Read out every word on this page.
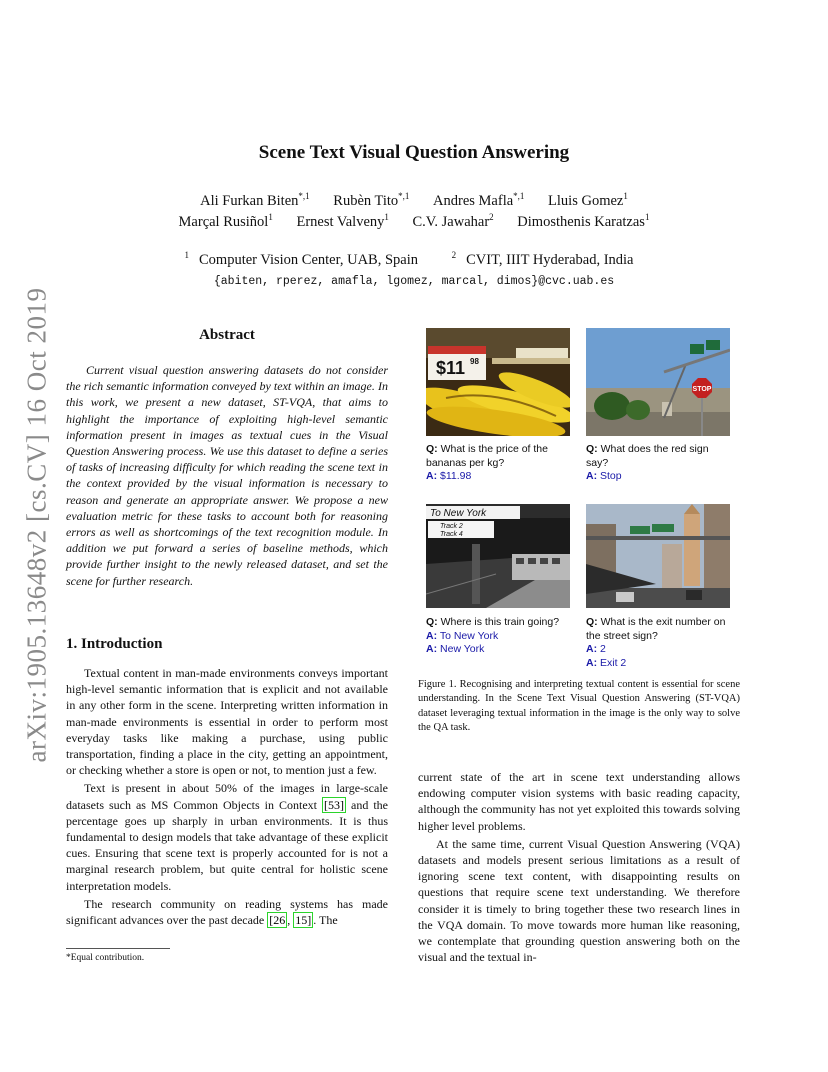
arXiv:1905.13648v2 [cs.CV] 16 Oct 2019
Scene Text Visual Question Answering
Ali Furkan Biten$^{*,1}$ Rubèn Tito$^{*,1}$ Andres Mafla$^{*,1}$ Lluis Gomez$^1$
Marçal Rusiñol$^1$ Ernest Valveny$^1$ C.V. Jawahar$^2$ Dimosthenis Karatzas$^1$
$^1$ Computer Vision Center, UAB, Spain	$^2$ CVIT, IIIT Hyderabad, India
{abiten, rperez, amafla, lgomez, marcal, dimos}@cvc.uab.es
Abstract

Current visual question answering datasets do not consider the rich semantic information conveyed by text within an image. In this work, we present a new dataset, ST-VQA, that aims to highlight the importance of exploiting high-level semantic information present in images as textual cues in the Visual Question Answering process. We use this dataset to define a series of tasks of increasing difficulty for which reading the scene text in the context provided by the visual information is necessary to reason and generate an appropriate answer. We propose a new evaluation metric for these tasks to account both for reasoning errors as well as shortcomings of the text recognition module. In addition we put forward a series of baseline methods, which provide further insight to the newly released dataset, and set the scene for further research.

1. Introduction

Textual content in man-made environments conveys important high-level semantic information that is explicit and not available in any other form in the scene. Interpreting written information in man-made environments is essential in order to perform most everyday tasks like making a purchase, using public transportation, finding a place in the city, getting an appointment, or checking whether a store is open or not, to mention just a few.

Text is present in about 50% of the images in large-scale datasets such as MS Common Objects in Context [53] and the percentage goes up sharply in urban environments. It is thus fundamental to design models that take advantage of these explicit cues. Ensuring that scene text is properly accounted for is not a marginal research problem, but quite central for holistic scene interpretation models.

The research community on reading systems has made significant advances over the past decade [26 , 15] . The

*Equal contribution.
$11 98
STOP
To New York
Track 2
Track 4
Q: What is the price of the bananas per kg?
A: $11.98
Q: What does the red sign say?
A: Stop
Q: Where is this train going?
A: To New York
A: New York
Q: What is the exit number on the street sign?
A: 2
A: Exit 2
Figure 1. Recognising and interpreting textual content is essential for scene understanding. In the Scene Text Visual Question Answering (ST-VQA) dataset leveraging textual information in the image is the only way to solve the QA task.

current state of the art in scene text understanding allows endowing computer vision systems with basic reading capacity, although the community has not yet exploited this towards solving higher level problems.

At the same time, current Visual Question Answering (VQA) datasets and models present serious limitations as a result of ignoring scene text content, with disappointing results on questions that require scene text understanding. We therefore consider it is timely to bring together these two research lines in the VQA domain. To move towards more human like reasoning, we contemplate that grounding question answering both on the visual and the textual in-
